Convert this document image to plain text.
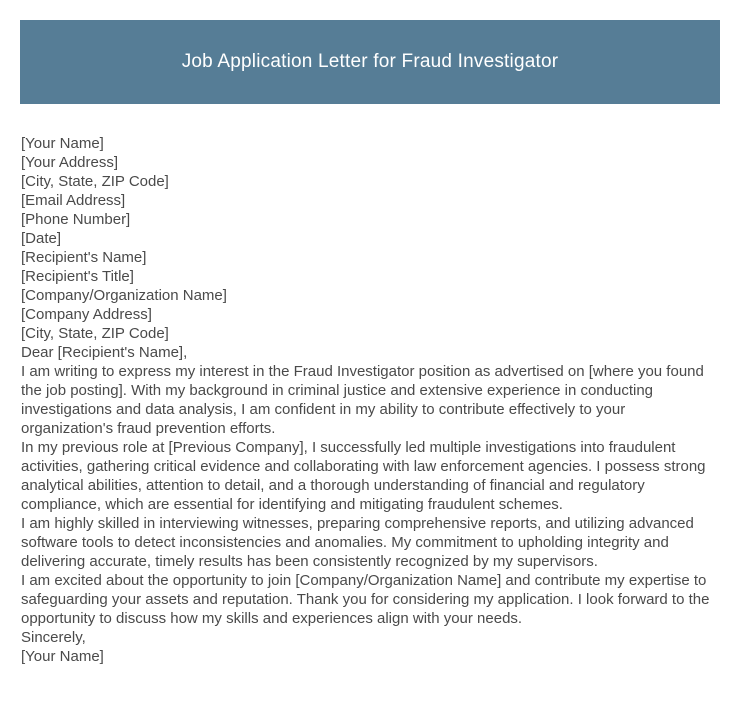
Job Application Letter for Fraud Investigator
[Your Name]
[Your Address]
[City, State, ZIP Code]
[Email Address]
[Phone Number]
[Date]
[Recipient's Name]
[Recipient's Title]
[Company/Organization Name]
[Company Address]
[City, State, ZIP Code]
Dear [Recipient's Name],

I am writing to express my interest in the Fraud Investigator position as advertised on [where you found the job posting]. With my background in criminal justice and extensive experience in conducting investigations and data analysis, I am confident in my ability to contribute effectively to your organization's fraud prevention efforts.

In my previous role at [Previous Company], I successfully led multiple investigations into fraudulent activities, gathering critical evidence and collaborating with law enforcement agencies. I possess strong analytical abilities, attention to detail, and a thorough understanding of financial and regulatory compliance, which are essential for identifying and mitigating fraudulent schemes.

I am highly skilled in interviewing witnesses, preparing comprehensive reports, and utilizing advanced software tools to detect inconsistencies and anomalies. My commitment to upholding integrity and delivering accurate, timely results has been consistently recognized by my supervisors.

I am excited about the opportunity to join [Company/Organization Name] and contribute my expertise to safeguarding your assets and reputation. Thank you for considering my application. I look forward to the opportunity to discuss how my skills and experiences align with your needs.

Sincerely,
[Your Name]
